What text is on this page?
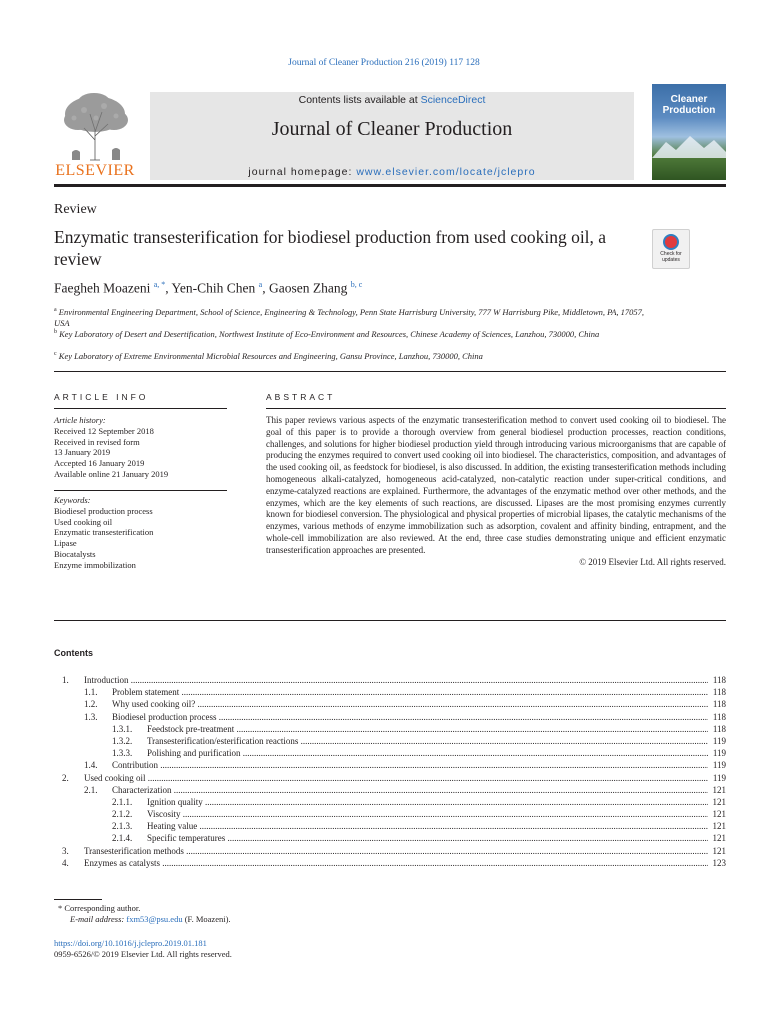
Journal of Cleaner Production 216 (2019) 117 128
ELSEVIER
Contents lists available at ScienceDirect
Journal of Cleaner Production
journal homepage: www.elsevier.com/locate/jclepro
Cleaner
Production
Review
Enzymatic transesterification for biodiesel production from used cooking oil, a review	Check for
updates
Faegheh Moazeni $^{a, *}$, Yen-Chih Chen $^a$, Gaosen Zhang $^{b, c}$
$^a$ Environmental Engineering Department, School of Science, Engineering & Technology, Penn State Harrisburg University, 777 W Harrisburg Pike, Middletown, PA, 17057, USA
$^b$ Key Laboratory of Desert and Desertification, Northwest Institute of Eco-Environment and Resources, Chinese Academy of Sciences, Lanzhou, 730000, China
$^c$ Key Laboratory of Extreme Environmental Microbial Resources and Engineering, Gansu Province, Lanzhou, 730000, China
ARTICLE INFO	ABSTRACT
Article history:
Received 12 September 2018
Received in revised form
13 January 2019
Accepted 16 January 2019
Available online 21 January 2019
Keywords:
Biodiesel production process
Used cooking oil
Enzymatic transesterification
Lipase
Biocatalysts
Enzyme immobilization
This paper reviews various aspects of the enzymatic transesterification method to convert used cooking oil to biodiesel. The goal of this paper is to provide a thorough overview from general biodiesel production processes, reaction conditions, challenges, and solutions for higher biodiesel production yield through introducing various microorganisms that are capable of producing the enzymes required to convert used cooking oil into biodiesel. The characteristics, composition, and advantages of the used cooking oil, as feedstock for biodiesel, is also discussed. In addition, the existing transesterification methods including homogeneous alkali-catalyzed, homogeneous acid-catalyzed, non-catalytic reaction under super-critical conditions, and enzyme-catalyzed reactions are explained. Furthermore, the advantages of the enzymatic method over other methods, and the enzymes, which are the key elements of such reactions, are discussed. Lipases are the most promising enzymes currently known for biodiesel conversion. The physiological and physical properties of microbial lipases, the catalytic mechanisms of the enzymes, various methods of enzyme immobilization such as adsorption, covalent and affinity binding, entrapment, and the whole-cell immobilization are also reviewed. At the end, three case studies demonstrating unique and efficient enzymatic transesterification approaches are presented.
© 2019 Elsevier Ltd. All rights reserved.
Contents
1. Introduction .....	118
1.1. Problem statement .....	118
1.2. Why used cooking oil? .....	118
1.3. Biodiesel production process .....	118
1.3.1. Feedstock pre-treatment .....	118
1.3.2. Transesterification/esterification reactions .....	119
1.3.3. Polishing and purification .....	119
1.4. Contribution .....	119
2. Used cooking oil .....	119
2.1. Characterization .....	121
2.1.1. Ignition quality .....	121
2.1.2. Viscosity .....	121
2.1.3. Heating value .....	121
2.1.4. Specific temperatures .....	121
3. Transesterification methods .....	121
4. Enzymes as catalysts .....	123
* Corresponding author.
E-mail address: fxm53@psu.edu (F. Moazeni).
https://doi.org/10.1016/j.jclepro.2019.01.181
0959-6526/© 2019 Elsevier Ltd. All rights reserved.
